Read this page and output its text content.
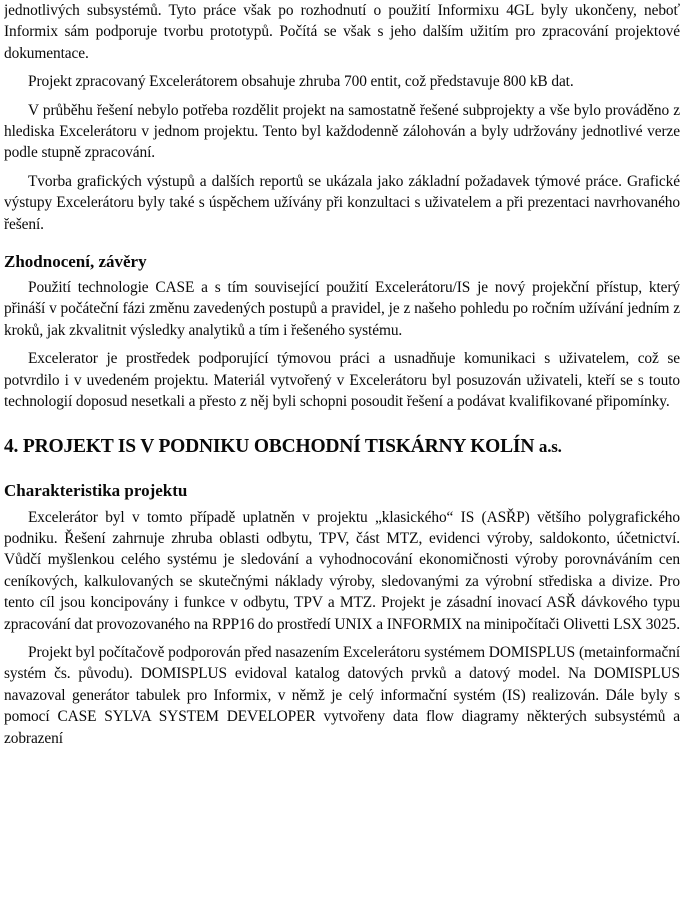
jednotlivých subsystémů. Tyto práce však po rozhodnutí o použití Informixu 4GL byly ukončeny, neboť Informix sám podporuje tvorbu prototypů. Počítá se však s jeho dalším užitím pro zpracování projektové dokumentace.

Projekt zpracovaný Excelerátorem obsahuje zhruba 700 entit, což představuje 800 kB dat.

V průběhu řešení nebylo potřeba rozdělit projekt na samostatně řešené subprojekty a vše bylo prováděno z hlediska Excelerátoru v jednom projektu. Tento byl každodenně zálohován a byly udržovány jednotlivé verze podle stupně zpracování.

Tvorba grafických výstupů a dalších reportů se ukázala jako základní požadavek týmové práce. Grafické výstupy Excelerátoru byly také s úspěchem užívány při konzultaci s uživatelem a při prezentaci navrhovaného řešení.

Zhodnocení, závěry

Použití technologie CASE a s tím související použití Excelerátoru/IS je nový projekční přístup, který přináší v počáteční fázi změnu zavedených postupů a pravidel, je z našeho pohledu po ročním užívání jedním z kroků, jak zkvalitnit výsledky analytiků a tím i řešeného systému.

Excelerator je prostředek podporující týmovou práci a usnadňuje komunikaci s uživatelem, což se potvrdilo i v uvedeném projektu. Materiál vytvořený v Excelerátoru byl posuzován uživateli, kteří se s touto technologií doposud nesetkali a přesto z něj byli schopni posoudit řešení a podávat kvalifikované připomínky.

4. PROJEKT IS V PODNIKU OBCHODNÍ TISKÁRNY KOLÍN a.s.
Charakteristika projektu

Excelerátor byl v tomto případě uplatněn v projektu „klasického“ IS (ASŘP) většího polygrafického podniku. Řešení zahrnuje zhruba oblasti odbytu, TPV, část MTZ, evidenci výroby, saldokonto, účetnictví. Vůdčí myšlenkou celého systému je sledování a vyhodnocování ekonomičnosti výroby porovnáváním cen ceníkových, kalkulovaných se skutečnými náklady výroby, sledovanými za výrobní střediska a divize. Pro tento cíl jsou koncipovány i funkce v odbytu, TPV a MTZ. Projekt je zásadní inovací ASŘ dávkového typu zpracování dat provozovaného na RPP16 do prostředí UNIX a INFORMIX na minipočítači Olivetti LSX 3025.

Projekt byl počítačově podporován před nasazením Excelerátoru systémem DOMISPLUS (metainformační systém čs. původu). DOMISPLUS evidoval katalog datových prvků a datový model. Na DOMISPLUS navazoval generátor tabulek pro Informix, v němž je celý informační systém (IS) realizován. Dále byly s pomocí CASE SYLVA SYSTEM DEVELOPER vytvořeny data flow diagramy některých subsystémů a zobrazení
